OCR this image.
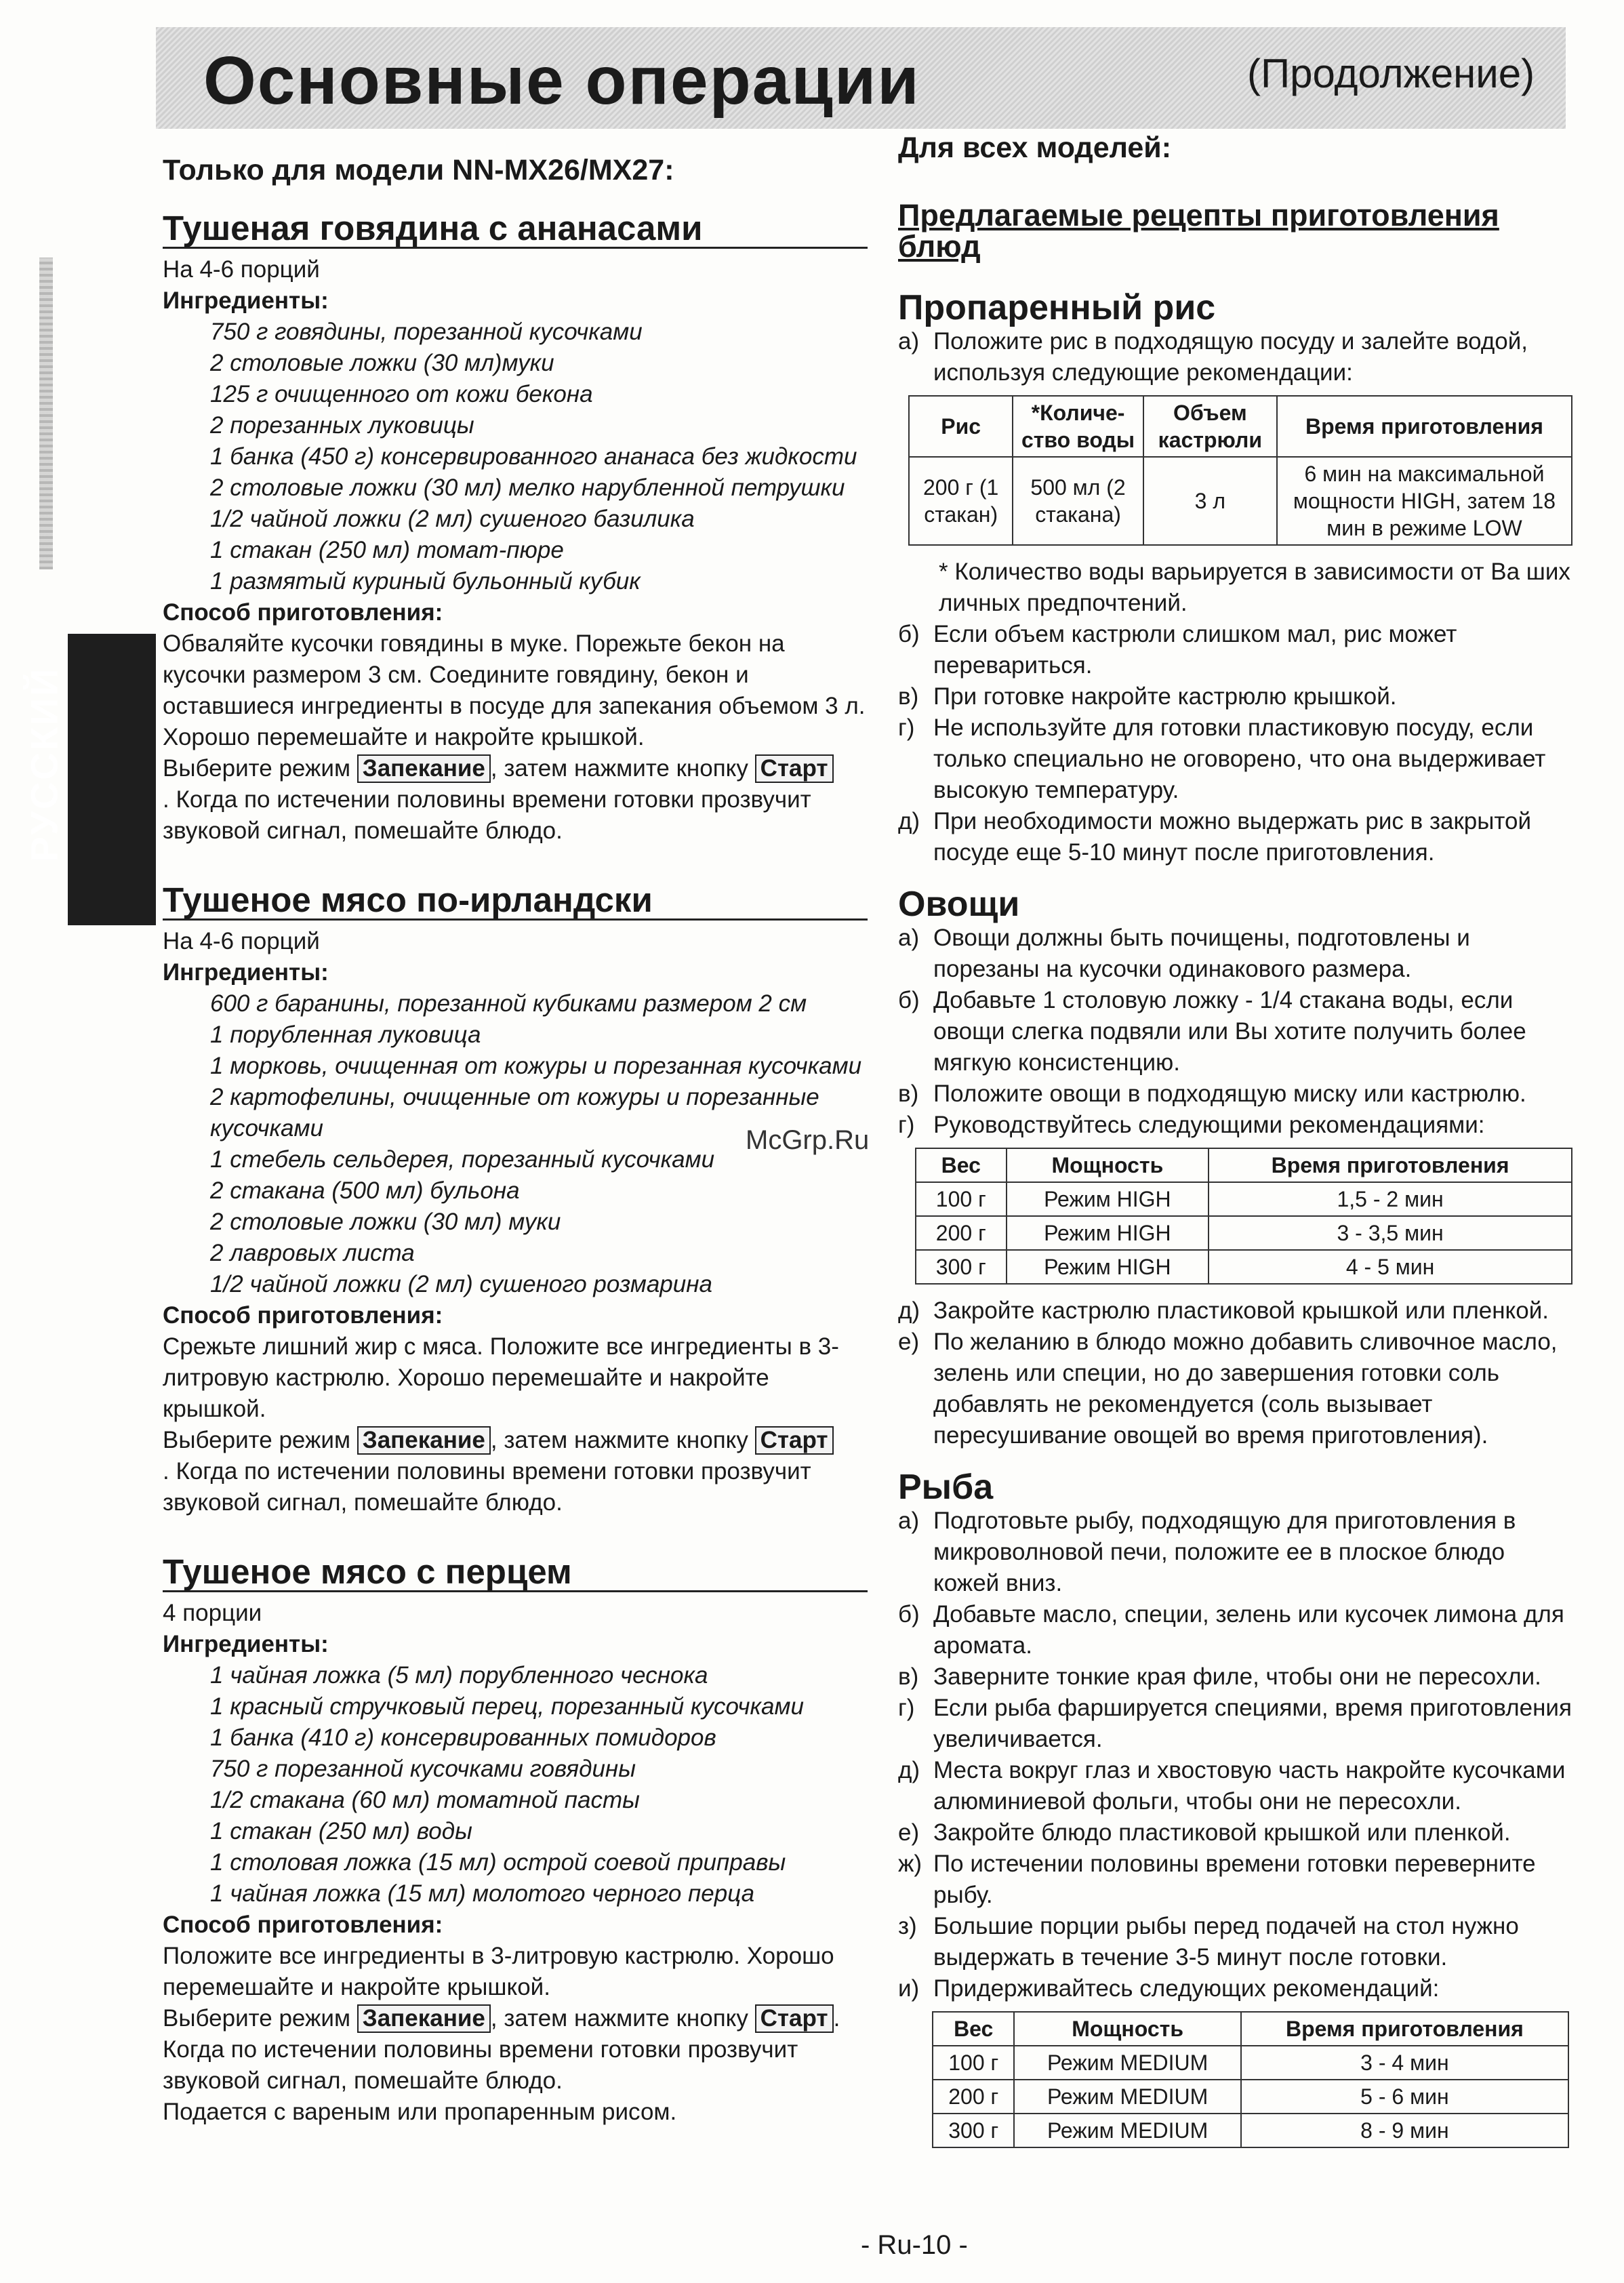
Основные операции	(Продолжение)
РУССКИЙ
Только для модели NN-MX26/MX27:
Тушеная говядина с ананасами
На 4-6 порций
Ингредиенты:
750 г говядины, порезанной кусочками
2 столовые ложки (30 мл)муки
125 г очищенного от кожи бекона
2 порезанных луковицы
1 банка (450 г) консервированного ананаса без жидкости
2 столовые ложки (30 мл) мелко нарубленной петрушки
1/2 чайной ложки (2 мл) сушеного базилика
1 стакан (250 мл) томат-пюре
1 размятый куриный бульонный кубик
Способ приготовления:

Обваляйте кусочки говядины в муке. Порежьте бекон на кусочки размером 3 см. Соедините говядину, бекон и оставшиеся ингредиенты в посуде для запекания объемом 3 л. Хорошо перемешайте и накройте крышкой.

Выберите режим Запекание , затем нажмите кнопку Старт

. Когда по истечении половины времени готовки прозвучит звуковой сигнал, помешайте блюдо.

Тушеное мясо по-ирландски
На 4-6 порций
Ингредиенты:
600 г баранины, порезанной кубиками размером 2 см
1 порубленная луковица
1 морковь, очищенная от кожуры и порезанная кусочками
2 картофелины, очищенные от кожуры и порезанные кусочками
1 стебель сельдерея, порезанный кусочками
2 стакана (500 мл) бульона
2 столовые ложки (30 мл) муки
2 лавровых листа
1/2 чайной ложки (2 мл) сушеного розмарина
Способ приготовления:

Срежьте лишний жир с мяса. Положите все ингредиенты в 3-литровую кастрюлю. Хорошо перемешайте и накройте крышкой.

Выберите режим Запекание , затем нажмите кнопку Старт

. Когда по истечении половины времени готовки прозвучит звуковой сигнал, помешайте блюдо.

Тушеное мясо с перцем
4 порции
Ингредиенты:
1 чайная ложка (5 мл) порубленного чеснока
1 красный стручковый перец, порезанный кусочками
1 банка (410 г) консервированных помидоров
750 г порезанной кусочками говядины
1/2 стакана (60 мл) томатной пасты
1 стакан (250 мл) воды
1 столовая ложка (15 мл) острой соевой приправы
1 чайная ложка (15 мл) молотого черного перца
Способ приготовления:

Положите все ингредиенты в 3-литровую кастрюлю. Хорошо перемешайте и накройте крышкой.

Выберите режим Запекание , затем нажмите кнопку Старт . Когда по истечении половины времени готовки прозвучит звуковой сигнал, помешайте блюдо.

Подается с вареным или пропаренным рисом.

Для всех моделей:
Предлагаемые рецепты приготовления блюд
Пропаренный рис
а) Положите рис в подходящую посуду и залейте водой, используя следующие рекомендации:
Рис	*Количе-ство воды	Объем кастрюли	Время приготовления
200 г (1 стакан)	500 мл (2 стакана)	3 л	6 мин на максимальной мощности HIGH, затем 18 мин в режиме LOW
* Количество воды варьируется в зависимости от Ва ших личных предпочтений.
б) Если объем кастрюли слишком мал, рис может перевариться.
в) При готовке накройте кастрюлю крышкой.
г) Не используйте для готовки пластиковую посуду, если только специально не оговорено, что она выдерживает высокую температуру.
д) При необходимости можно выдержать рис в закрытой посуде еще 5-10 минут после приготовления.
Овощи
а) Овощи должны быть почищены, подготовлены и порезаны на кусочки одинакового размера.
б) Добавьте 1 столовую ложку - 1/4 стакана воды, если овощи слегка подвяли или Вы хотите получить более мягкую консистенцию.
в) Положите овощи в подходящую миску или кастрюлю.
г) Руководствуйтесь следующими рекомендациями:
Вес	Мощность	Время приготовления
100 г	Режим HIGH	1,5 - 2 мин
200 г	Режим HIGH	3 - 3,5 мин
300 г	Режим HIGH	4 - 5 мин
д) Закройте кастрюлю пластиковой крышкой или пленкой.
е) По желанию в блюдо можно добавить сливочное масло, зелень или специи, но до завершения готовки соль добавлять не рекомендуется (соль вызывает пересушивание овощей во время приготовления).
Рыба
а) Подготовьте рыбу, подходящую для приготовления в микроволновой печи, положите ее в плоское блюдо кожей вниз.
б) Добавьте масло, специи, зелень или кусочек лимона для аромата.
в) Заверните тонкие края филе, чтобы они не пересохли.
г) Если рыба фаршируется специями, время приготовления увеличивается.
д) Места вокруг глаз и хвостовую часть накройте кусочками алюминиевой фольги, чтобы они не пересохли.
е) Закройте блюдо пластиковой крышкой или пленкой.
ж) По истечении половины времени готовки переверните рыбу.
з) Большие порции рыбы перед подачей на стол нужно выдержать в течение 3-5 минут после готовки.
и) Придерживайтесь следующих рекомендаций:
Вес	Мощность	Время приготовления
100 г	Режим MEDIUM	3 - 4 мин
200 г	Режим MEDIUM	5 - 6 мин
300 г	Режим MEDIUM	8 - 9 мин
McGrp.Ru
- Ru-10 -
